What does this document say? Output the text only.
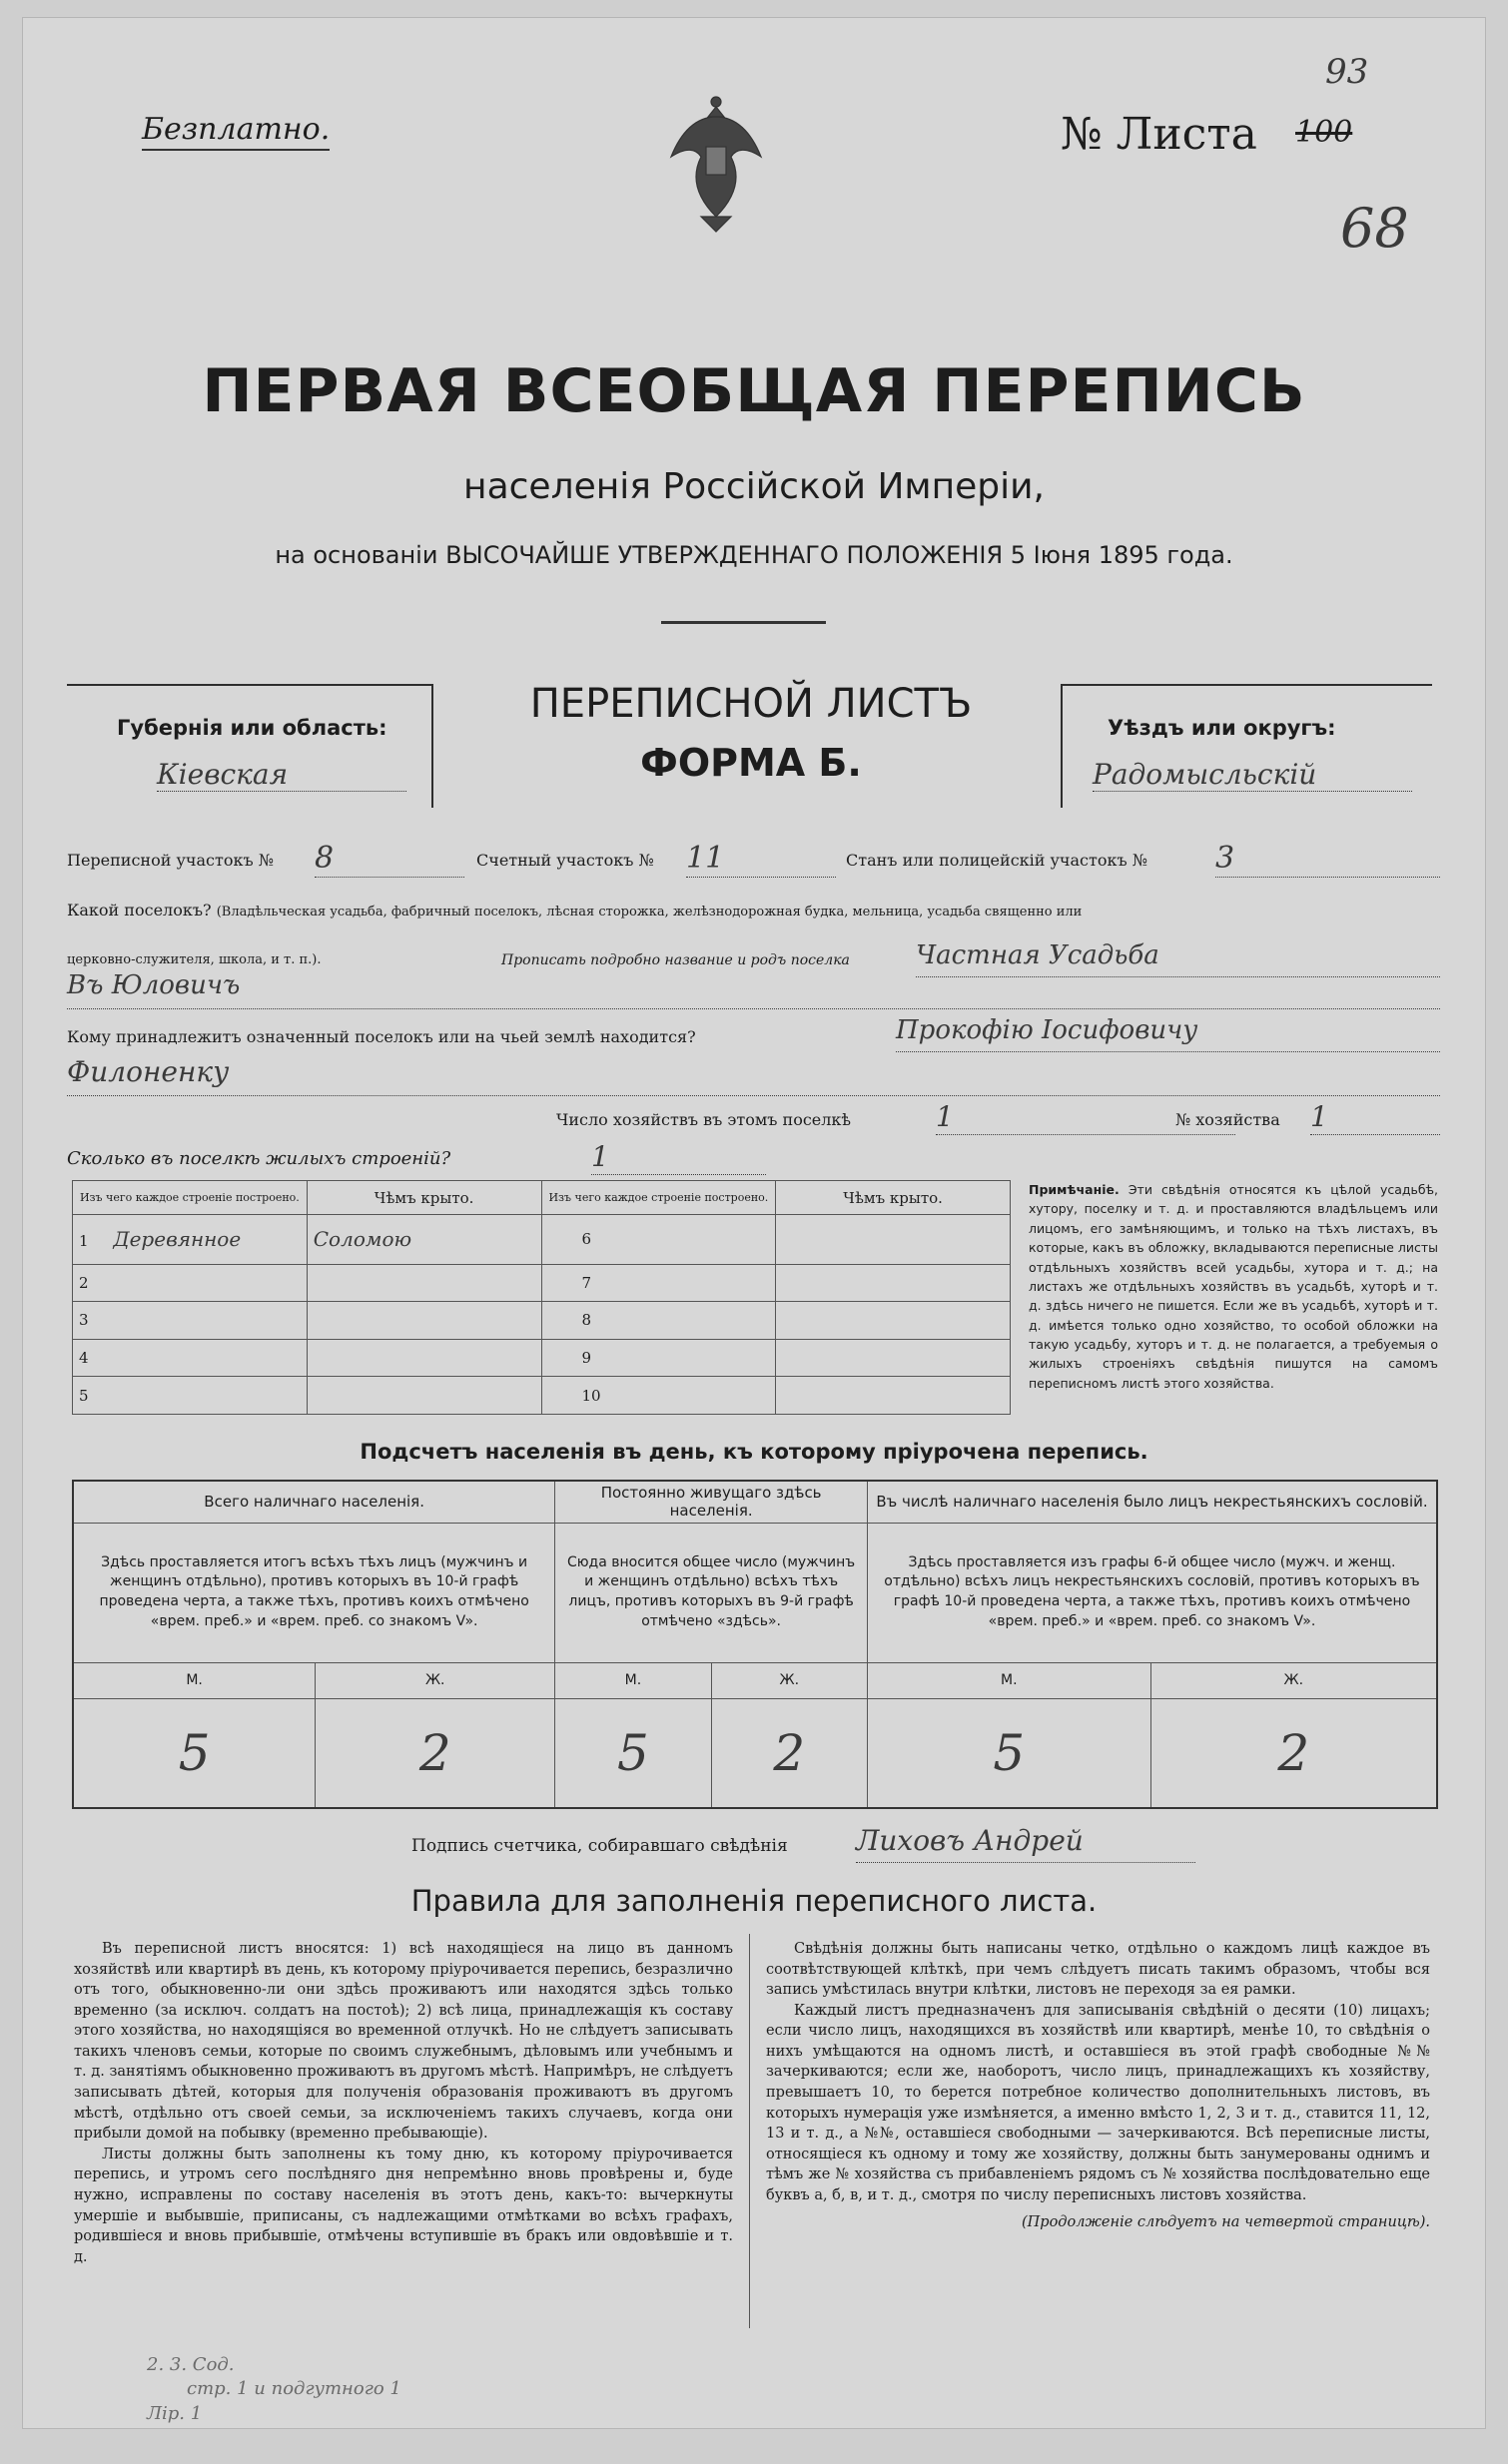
Безплатно.	№ Листа 100
93
68
ПЕРВАЯ ВСЕОБЩАЯ ПЕРЕПИСЬ
населенія Россійской Имперіи,
на основаніи ВЫСОЧАЙШЕ УТВЕРЖДЕННАГО ПОЛОЖЕНІЯ 5 Іюня 1895 года.
Губернія или область:
Кіевская
ПЕРЕПИСНОЙ ЛИСТЪ
ФОРМА Б.
Уѣздъ или округъ:
Радомысльскій
Переписной участокъ № 8	Счетный участокъ № 11	Станъ или полицейскій участокъ № 3
Какой поселокъ? (Владѣльческая усадьба, фабричный поселокъ, лѣсная сторожка, желѣзнодорожная будка, мельница, усадьба священно или
церковно-служителя, школа, и т. п.).	Прописать подробно название и родъ поселка	Частная Усадьба
Въ Юловичъ
Кому принадлежитъ означенный поселокъ или на чьей землѣ находится?	Прокофію Іосифовичу
Филоненку
Число хозяйствъ въ этомъ поселкѣ	1	№ хозяйства 1
Сколько въ поселкѣ жилыхъ строеній?	1
Изъ чего каждое строеніе построено.	Чѣмъ крыто.	Изъ чего каждое строеніе построено.	Чѣмъ крыто.
1 Деревянное	Соломою	6	
2		7	
3		8	
4		9	
5		10	
Примѣчаніе. Эти свѣдѣнія относятся къ цѣлой усадьбѣ, хутору, поселку и т. д. и проставляются владѣльцемъ или лицомъ, его замѣняющимъ, и только на тѣхъ листахъ, въ которые, какъ въ обложку, вкладываются переписные листы отдѣльныхъ хозяйствъ всей усадьбы, хутора и т. д.; на листахъ же отдѣльныхъ хозяйствъ въ усадьбѣ, хуторѣ и т. д. здѣсь ничего не пишется. Если же въ усадьбѣ, хуторѣ и т. д. имѣется только одно хозяйство, то особой обложки на такую усадьбу, хуторъ и т. д. не полагается, а требуемыя о жилыхъ строеніяхъ свѣдѣнія пишутся на самомъ переписномъ листѣ этого хозяйства.
Подсчетъ населенія въ день, къ которому пріурочена перепись.
Всего наличнаго населенія.		Постоянно живущаго здѣсь населенія.		Въ числѣ наличнаго населенія было лицъ некрестьянскихъ сословій.	
Здѣсь проставляется итогъ всѣхъ тѣхъ лицъ (мужчинъ и женщинъ отдѣльно), противъ которыхъ въ 10-й графѣ проведена черта, а также тѣхъ, противъ коихъ отмѣчено «врем. преб.» и «врем. преб. со знакомъ V».		Сюда вносится общее число (мужчинъ и женщинъ отдѣльно) всѣхъ тѣхъ лицъ, противъ которыхъ въ 9-й графѣ отмѣчено «здѣсь».		Здѣсь проставляется изъ графы 6-й общее число (мужч. и женщ. отдѣльно) всѣхъ лицъ некрестьянскихъ сословій, противъ которыхъ въ графѣ 10-й проведена черта, а также тѣхъ, противъ коихъ отмѣчено «врем. преб.» и «врем. преб. со знакомъ V».	
М.	Ж.	М.	Ж.	М.	Ж.
5	2	5	2	5	2
Подпись счетчика, собиравшаго свѣдѣнія Лиховъ Андрей
Правила для заполненія переписного листа.

Въ переписной листъ вносятся: 1) всѣ находящіеся на лицо въ данномъ хозяйствѣ или квартирѣ въ день, къ которому пріурочивается перепись, безразлично отъ того, обыкновенно-ли они здѣсь проживаютъ или находятся здѣсь только временно (за исключ. солдатъ на постоѣ); 2) всѣ лица, принадлежащія къ составу этого хозяйства, но находящіяся во временной отлучкѣ. Но не слѣдуетъ записывать такихъ членовъ семьи, которые по своимъ служебнымъ, дѣловымъ или учебнымъ и т. д. занятіямъ обыкновенно проживаютъ въ другомъ мѣстѣ. Напримѣръ, не слѣдуетъ записывать дѣтей, которыя для полученія образованія проживаютъ въ другомъ мѣстѣ, отдѣльно отъ своей семьи, за исключеніемъ такихъ случаевъ, когда они прибыли домой на побывку (временно пребывающіе).

Листы должны быть заполнены къ тому дню, къ которому пріурочивается перепись, и утромъ сего послѣдняго дня непремѣнно вновь провѣрены и, буде нужно, исправлены по составу населенія въ этотъ день, какъ-то: вычеркнуты умершіе и выбывшіе, приписаны, съ надлежащими отмѣтками во всѣхъ графахъ, родившіеся и вновь прибывшіе, отмѣчены вступившіе въ бракъ или овдовѣвшіе и т. д.

Свѣдѣнія должны быть написаны четко, отдѣльно о каждомъ лицѣ каждое въ соотвѣтствующей клѣткѣ, при чемъ слѣдуетъ писать такимъ образомъ, чтобы вся запись умѣстилась внутри клѣтки, листовъ не переходя за ея рамки.

Каждый листъ предназначенъ для записыванія свѣдѣній о десяти (10) лицахъ; если число лицъ, находящихся въ хозяйствѣ или квартирѣ, менѣе 10, то свѣдѣнія о нихъ умѣщаются на одномъ листѣ, и оставшіеся въ этой графѣ свободные №№ зачеркиваются; если же, наоборотъ, число лицъ, принадлежащихъ къ хозяйству, превышаетъ 10, то берется потребное количество дополнительныхъ листовъ, въ которыхъ нумерація уже измѣняется, а именно вмѣсто 1, 2, 3 и т. д., ставится 11, 12, 13 и т. д., а №№, оставшіеся свободными — зачеркиваются. Всѣ переписные листы, относящіеся къ одному и тому же хозяйству, должны быть занумерованы однимъ и тѣмъ же № хозяйства съ прибавленіемъ рядомъ съ № хозяйства послѣдовательно еще буквъ а, б, в, и т. д., смотря по числу переписныхъ листовъ хозяйства.

(Продолженіе слѣдуетъ на четвертой страницѣ).

2. 3. Сод.
стр. 1 и подгутного 1
Лір. 1
